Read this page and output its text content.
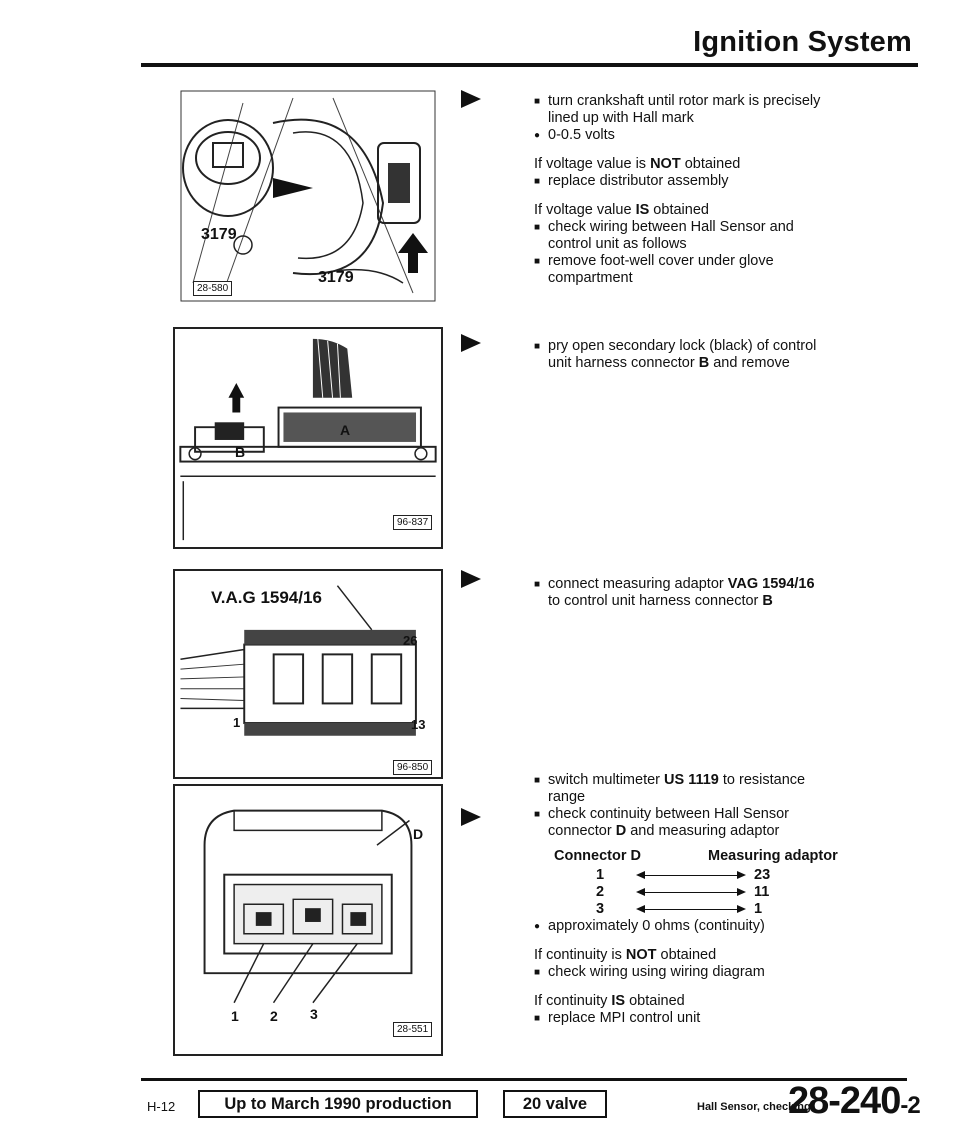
Ignition System
3179
3179
28-580
A
B
96-837
V.A.G 1594/16
14	26
1	13
96-850
D
1 2 3
28-551
■ turn crankshaft until rotor mark is precisely
lined up with Hall mark
● 0-0.5 volts
If voltage value is NOT obtained
■ replace distributor assembly
If voltage value IS obtained
■ check wiring between Hall Sensor and
control unit as follows
■ remove foot-well cover under glove
compartment
■ pry open secondary lock (black) of control
unit harness connector B and remove
■ connect measuring adaptor VAG 1594/16
to control unit harness connector B
■ switch multimeter US 1119 to resistance
range
■ check continuity between Hall Sensor
connector D and measuring adaptor
Connector D	Measuring adaptor
1	23
2	11
3	1
● approximately 0 ohms (continuity)
If continuity is NOT obtained
■ check wiring using wiring diagram
If continuity IS obtained
■ replace MPI control unit
H-12	Up to March 1990 production	20 valve	Hall Sensor, checking
28-240-2
